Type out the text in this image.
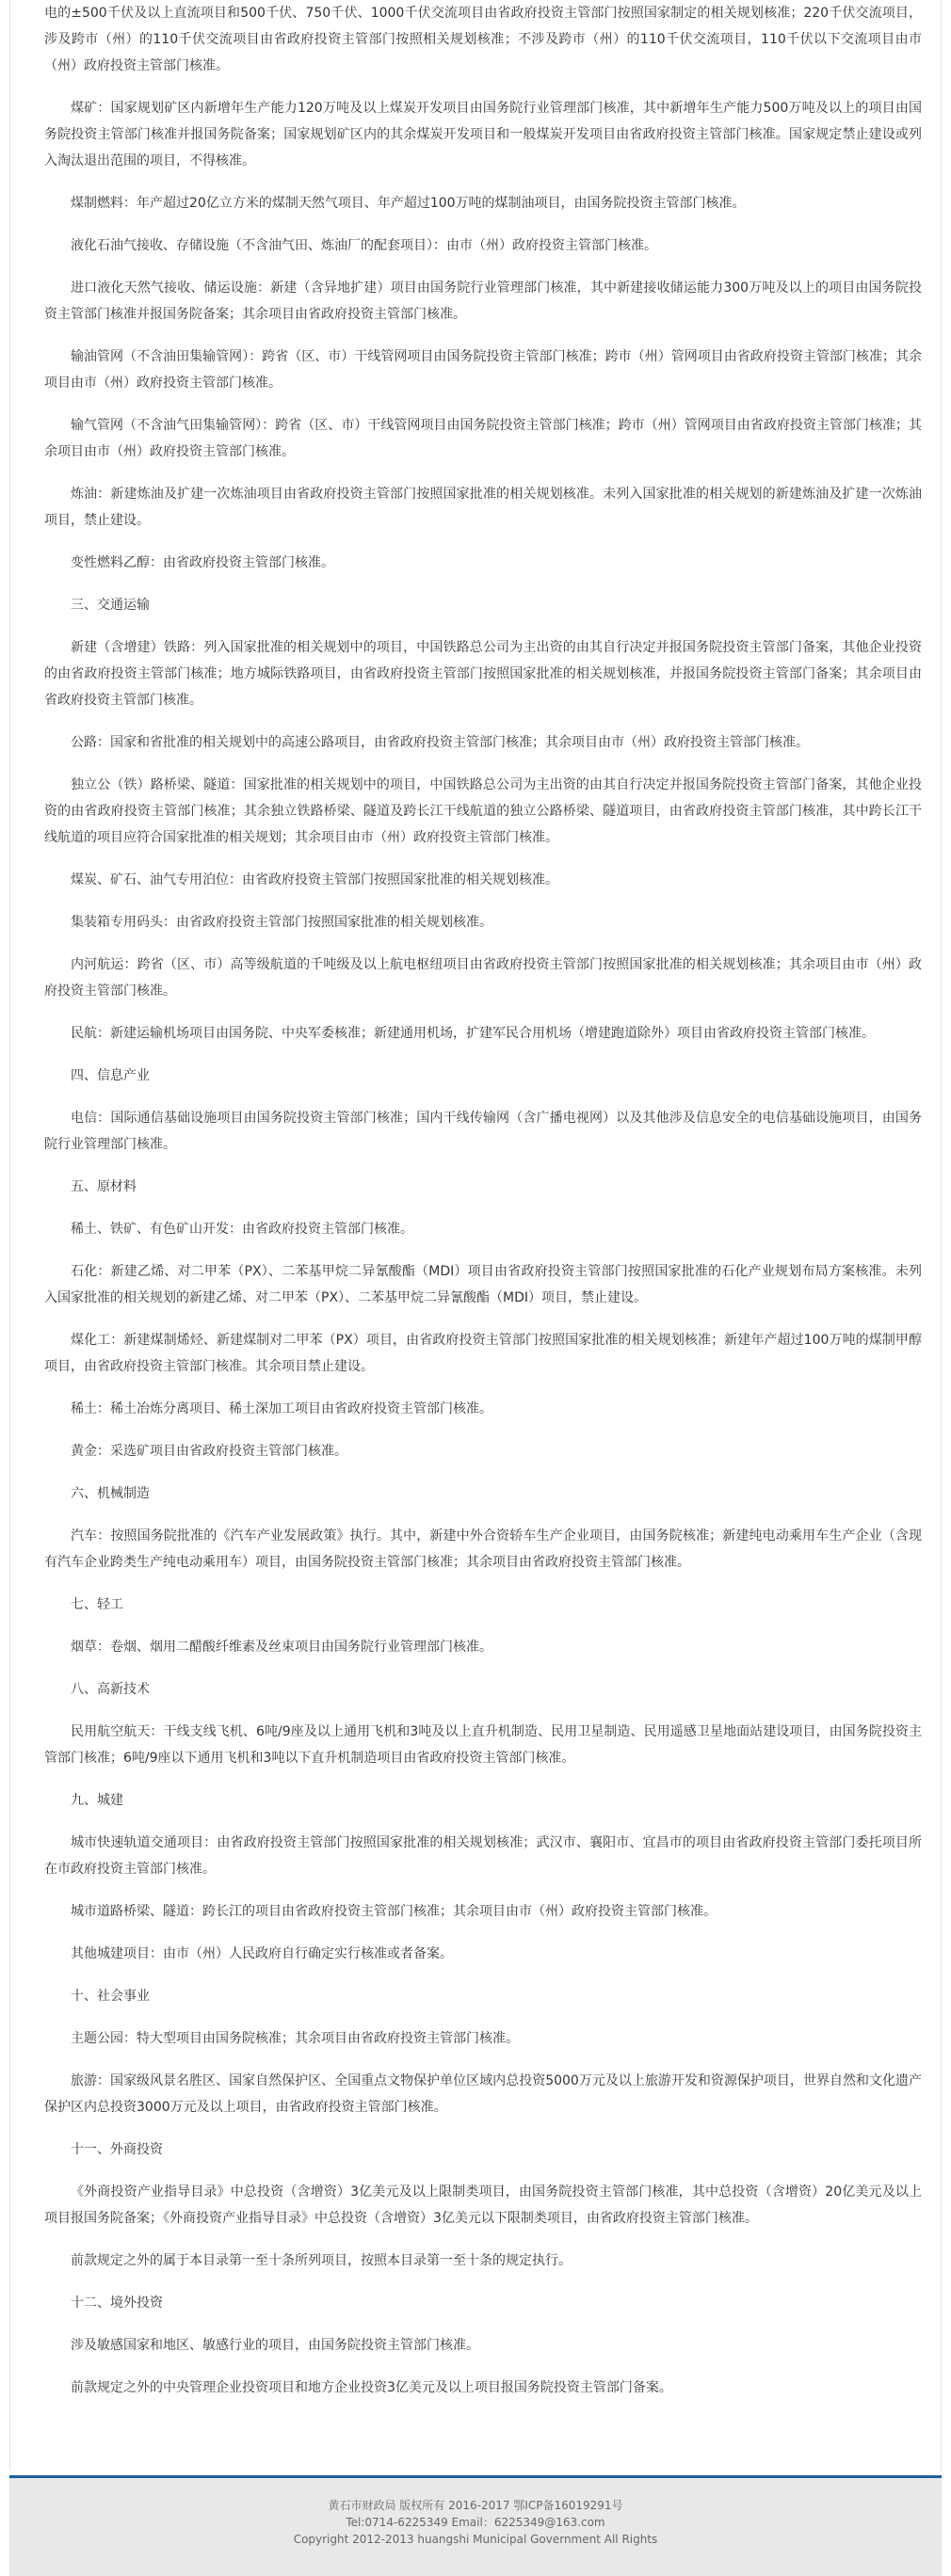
电的±500千伏及以上直流项目和500千伏、750千伏、1000千伏交流项目由省政府投资主管部门按照国家制定的相关规划核准；220千伏交流项目，涉及跨市（州）的110千伏交流项目由省政府投资主管部门按照相关规划核准；不涉及跨市（州）的110千伏交流项目，110千伏以下交流项目由市（州）政府投资主管部门核准。

煤矿：国家规划矿区内新增年生产能力120万吨及以上煤炭开发项目由国务院行业管理部门核准，其中新增年生产能力500万吨及以上的项目由国务院投资主管部门核准并报国务院备案；国家规划矿区内的其余煤炭开发项目和一般煤炭开发项目由省政府投资主管部门核准。国家规定禁止建设或列入淘汰退出范围的项目，不得核准。

煤制燃料：年产超过20亿立方米的煤制天然气项目、年产超过100万吨的煤制油项目，由国务院投资主管部门核准。

液化石油气接收、存储设施（不含油气田、炼油厂的配套项目）：由市（州）政府投资主管部门核准。

进口液化天然气接收、储运设施：新建（含异地扩建）项目由国务院行业管理部门核准，其中新建接收储运能力300万吨及以上的项目由国务院投资主管部门核准并报国务院备案；其余项目由省政府投资主管部门核准。

输油管网（不含油田集输管网）：跨省（区、市）干线管网项目由国务院投资主管部门核准；跨市（州）管网项目由省政府投资主管部门核准；其余项目由市（州）政府投资主管部门核准。

输气管网（不含油气田集输管网）：跨省（区、市）干线管网项目由国务院投资主管部门核准；跨市（州）管网项目由省政府投资主管部门核准；其余项目由市（州）政府投资主管部门核准。

炼油：新建炼油及扩建一次炼油项目由省政府投资主管部门按照国家批准的相关规划核准。未列入国家批准的相关规划的新建炼油及扩建一次炼油项目，禁止建设。

变性燃料乙醇：由省政府投资主管部门核准。

三、交通运输

新建（含增建）铁路：列入国家批准的相关规划中的项目，中国铁路总公司为主出资的由其自行决定并报国务院投资主管部门备案，其他企业投资的由省政府投资主管部门核准；地方城际铁路项目，由省政府投资主管部门按照国家批准的相关规划核准，并报国务院投资主管部门备案；其余项目由省政府投资主管部门核准。

公路：国家和省批准的相关规划中的高速公路项目，由省政府投资主管部门核准；其余项目由市（州）政府投资主管部门核准。

独立公（铁）路桥梁、隧道：国家批准的相关规划中的项目，中国铁路总公司为主出资的由其自行决定并报国务院投资主管部门备案，其他企业投资的由省政府投资主管部门核准；其余独立铁路桥梁、隧道及跨长江干线航道的独立公路桥梁、隧道项目，由省政府投资主管部门核准，其中跨长江干线航道的项目应符合国家批准的相关规划；其余项目由市（州）政府投资主管部门核准。

煤炭、矿石、油气专用泊位：由省政府投资主管部门按照国家批准的相关规划核准。

集装箱专用码头：由省政府投资主管部门按照国家批准的相关规划核准。

内河航运：跨省（区、市）高等级航道的千吨级及以上航电枢纽项目由省政府投资主管部门按照国家批准的相关规划核准；其余项目由市（州）政府投资主管部门核准。

民航：新建运输机场项目由国务院、中央军委核准；新建通用机场，扩建军民合用机场（增建跑道除外）项目由省政府投资主管部门核准。

四、信息产业

电信：国际通信基础设施项目由国务院投资主管部门核准；国内干线传输网（含广播电视网）以及其他涉及信息安全的电信基础设施项目，由国务院行业管理部门核准。

五、原材料

稀土、铁矿、有色矿山开发：由省政府投资主管部门核准。

石化：新建乙烯、对二甲苯（PX）、二苯基甲烷二异氰酸酯（MDI）项目由省政府投资主管部门按照国家批准的石化产业规划布局方案核准。未列入国家批准的相关规划的新建乙烯、对二甲苯（PX）、二苯基甲烷二异氰酸酯（MDI）项目，禁止建设。

煤化工：新建煤制烯烃、新建煤制对二甲苯（PX）项目，由省政府投资主管部门按照国家批准的相关规划核准；新建年产超过100万吨的煤制甲醇项目，由省政府投资主管部门核准。其余项目禁止建设。

稀土：稀土冶炼分离项目、稀土深加工项目由省政府投资主管部门核准。

黄金：采选矿项目由省政府投资主管部门核准。

六、机械制造

汽车：按照国务院批准的《汽车产业发展政策》执行。其中，新建中外合资轿车生产企业项目，由国务院核准；新建纯电动乘用车生产企业（含现有汽车企业跨类生产纯电动乘用车）项目，由国务院投资主管部门核准；其余项目由省政府投资主管部门核准。

七、轻工

烟草：卷烟、烟用二醋酸纤维素及丝束项目由国务院行业管理部门核准。

八、高新技术

民用航空航天：干线支线飞机、6吨/9座及以上通用飞机和3吨及以上直升机制造、民用卫星制造、民用遥感卫星地面站建设项目，由国务院投资主管部门核准；6吨/9座以下通用飞机和3吨以下直升机制造项目由省政府投资主管部门核准。

九、城建

城市快速轨道交通项目：由省政府投资主管部门按照国家批准的相关规划核准；武汉市、襄阳市、宜昌市的项目由省政府投资主管部门委托项目所在市政府投资主管部门核准。

城市道路桥梁、隧道：跨长江的项目由省政府投资主管部门核准；其余项目由市（州）政府投资主管部门核准。

其他城建项目：由市（州）人民政府自行确定实行核准或者备案。

十、社会事业

主题公园：特大型项目由国务院核准；其余项目由省政府投资主管部门核准。

旅游：国家级风景名胜区、国家自然保护区、全国重点文物保护单位区域内总投资5000万元及以上旅游开发和资源保护项目，世界自然和文化遗产保护区内总投资3000万元及以上项目，由省政府投资主管部门核准。

十一、外商投资

《外商投资产业指导目录》中总投资（含增资）3亿美元及以上限制类项目，由国务院投资主管部门核准，其中总投资（含增资）20亿美元及以上项目报国务院备案；《外商投资产业指导目录》中总投资（含增资）3亿美元以下限制类项目，由省政府投资主管部门核准。

前款规定之外的属于本目录第一至十条所列项目，按照本目录第一至十条的规定执行。

十二、境外投资

涉及敏感国家和地区、敏感行业的项目，由国务院投资主管部门核准。

前款规定之外的中央管理企业投资项目和地方企业投资3亿美元及以上项目报国务院投资主管部门备案。

黄石市财政局 版权所有 2016-2017 鄂ICP备16019291号
Tel:0714-6225349 Email：6225349@163.com
Copyright 2012-2013 huangshi Municipal Government All Rights
